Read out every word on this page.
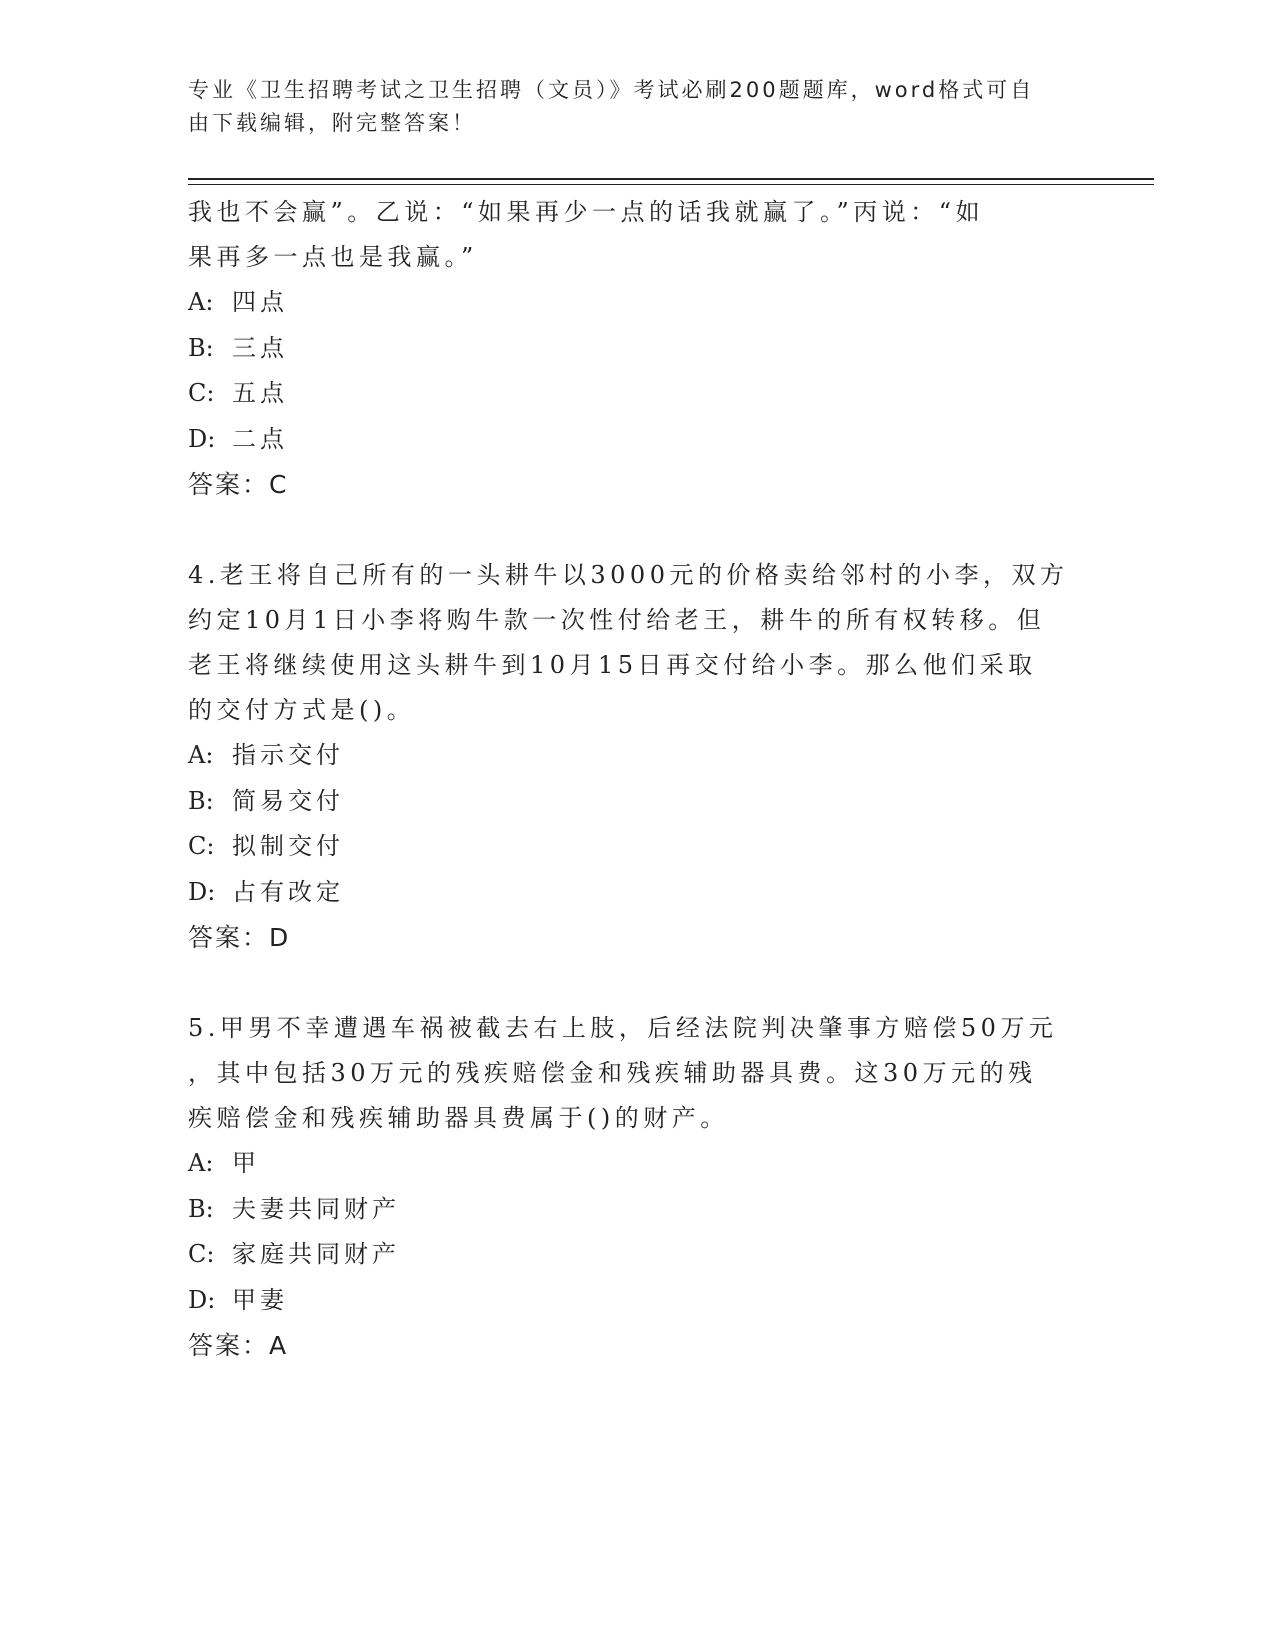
专业《卫生招聘考试之卫生招聘（文员）》考试必刷200题题库，word格式可自
由下载编辑，附完整答案！

我也不会赢”。乙说：“如果再少一点的话我就赢了。”丙说：“如

果再多一点也是我赢。”

A: 四点

B: 三点

C: 五点

D: 二点

答案：C

4.老王将自己所有的一头耕牛以3000元的价格卖给邻村的小李，双方

约定10月1日小李将购牛款一次性付给老王，耕牛的所有权转移。但

老王将继续使用这头耕牛到10月15日再交付给小李。那么他们采取

的交付方式是()。

A: 指示交付

B: 简易交付

C: 拟制交付

D: 占有改定

答案：D

5.甲男不幸遭遇车祸被截去右上肢，后经法院判决肇事方赔偿50万元

，其中包括30万元的残疾赔偿金和残疾辅助器具费。这30万元的残

疾赔偿金和残疾辅助器具费属于()的财产。

A: 甲

B: 夫妻共同财产

C: 家庭共同财产

D: 甲妻

答案：A
